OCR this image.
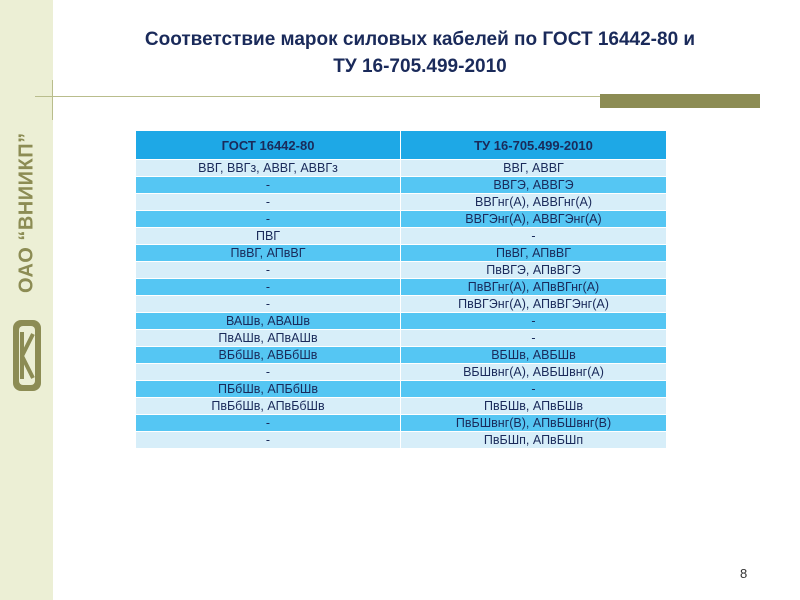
ОАО “ВНИИКП”
Соответствие марок силовых кабелей по ГОСТ 16442-80 и
ТУ 16-705.499-2010
ГОСТ 16442-80	ТУ 16-705.499-2010
ВВГ, ВВГз, АВВГ, АВВГз	ВВГ, АВВГ
-	ВВГЭ, АВВГЭ
-	ВВГнг(А), АВВГнг(А)
-	ВВГЭнг(А), АВВГЭнг(А)
ПВГ	-
ПвВГ, АПвВГ	ПвВГ, АПвВГ
-	ПвВГЭ, АПвВГЭ
-	ПвВГнг(А), АПвВГнг(А)
-	ПвВГЭнг(А), АПвВГЭнг(А)
ВАШв, АВАШв	-
ПвАШв, АПвАШв	-
ВБбШв, АВБбШв	ВБШв, АВБШв
-	ВБШвнг(А), АВБШвнг(А)
ПБбШв, АПБбШв	-
ПвБбШв, АПвБбШв	ПвБШв, АПвБШв
-	ПвБШвнг(В), АПвБШвнг(В)
-	ПвБШп, АПвБШп
8
